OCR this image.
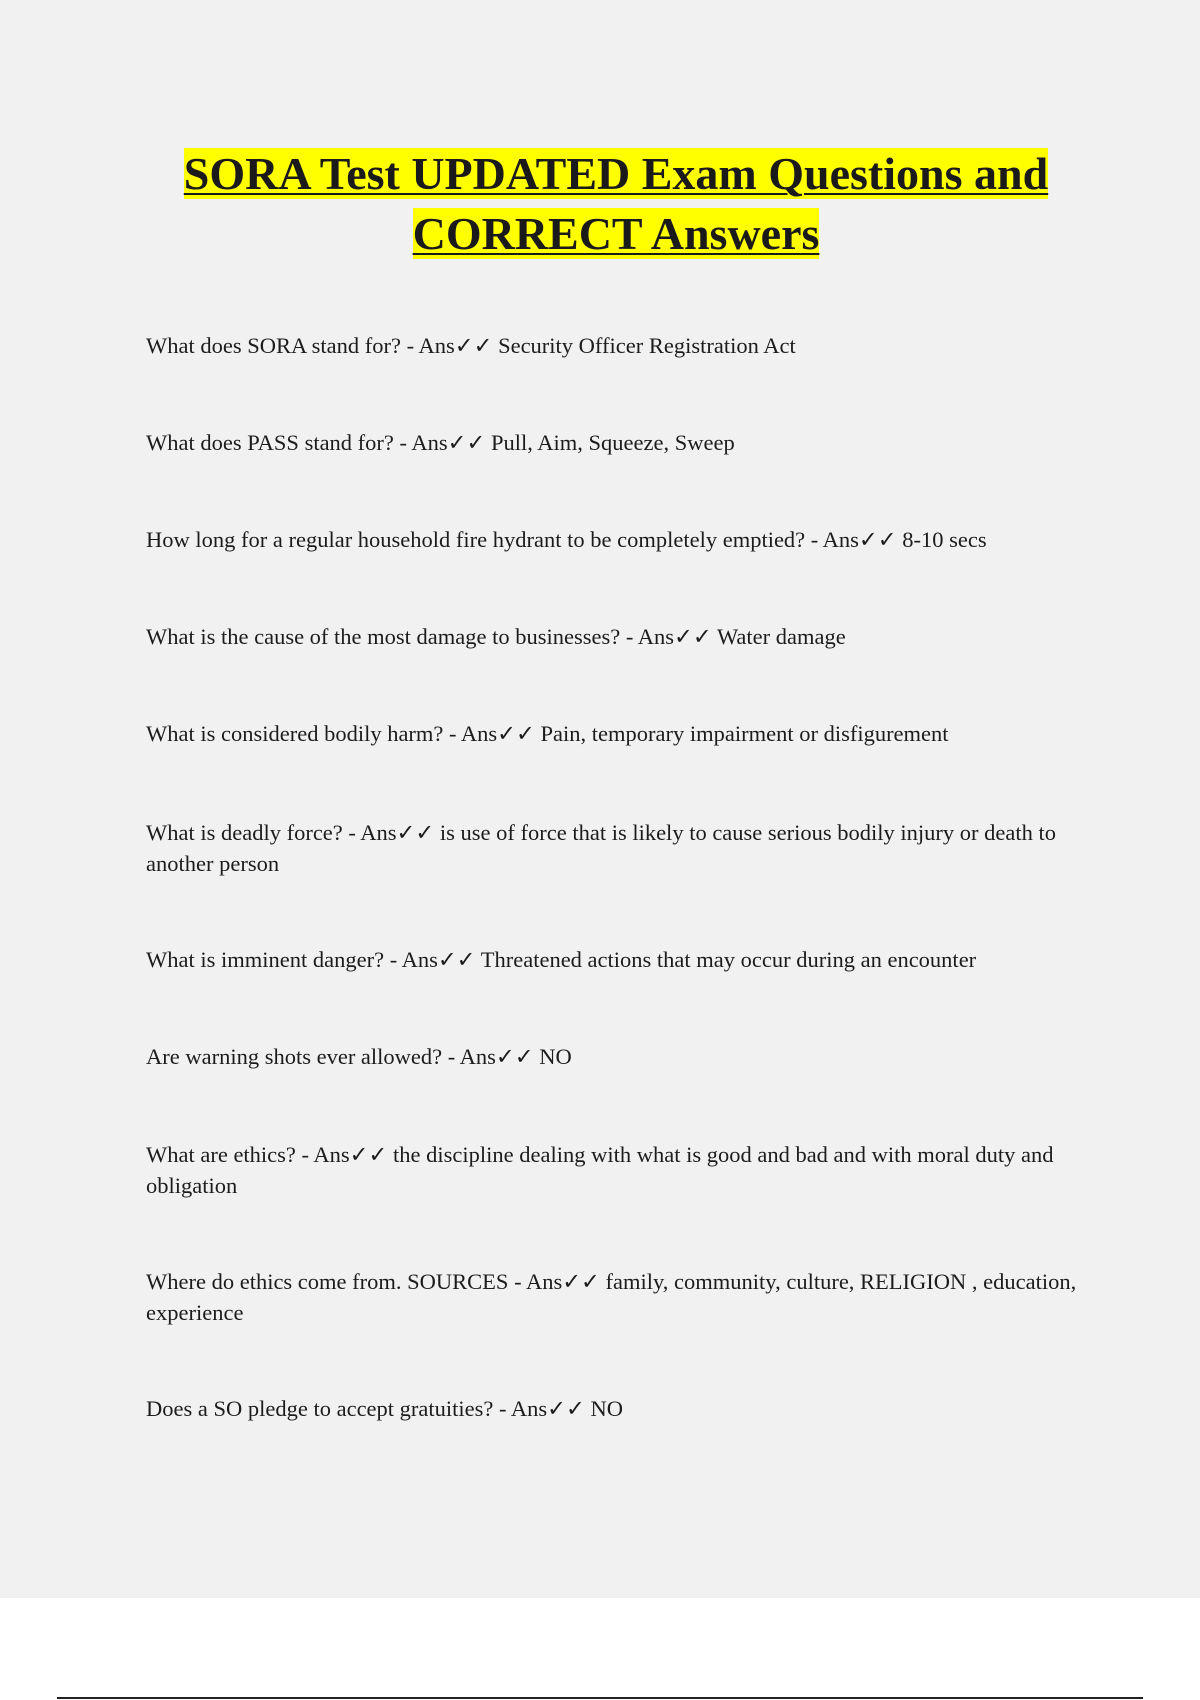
SORA Test UPDATED Exam Questions and CORRECT Answers

What does SORA stand for? - Ans✓✓ Security Officer Registration Act

What does PASS stand for? - Ans✓✓ Pull, Aim, Squeeze, Sweep

How long for a regular household fire hydrant to be completely emptied? - Ans✓✓ 8-10 secs

What is the cause of the most damage to businesses? - Ans✓✓ Water damage

What is considered bodily harm? - Ans✓✓ Pain, temporary impairment or disfigurement

What is deadly force? - Ans✓✓ is use of force that is likely to cause serious bodily injury or death to another person

What is imminent danger? - Ans✓✓ Threatened actions that may occur during an encounter

Are warning shots ever allowed? - Ans✓✓ NO

What are ethics? - Ans✓✓ the discipline dealing with what is good and bad and with moral duty and obligation

Where do ethics come from. SOURCES - Ans✓✓ family, community, culture, RELIGION , education, experience

Does a SO pledge to accept gratuities? - Ans✓✓ NO
